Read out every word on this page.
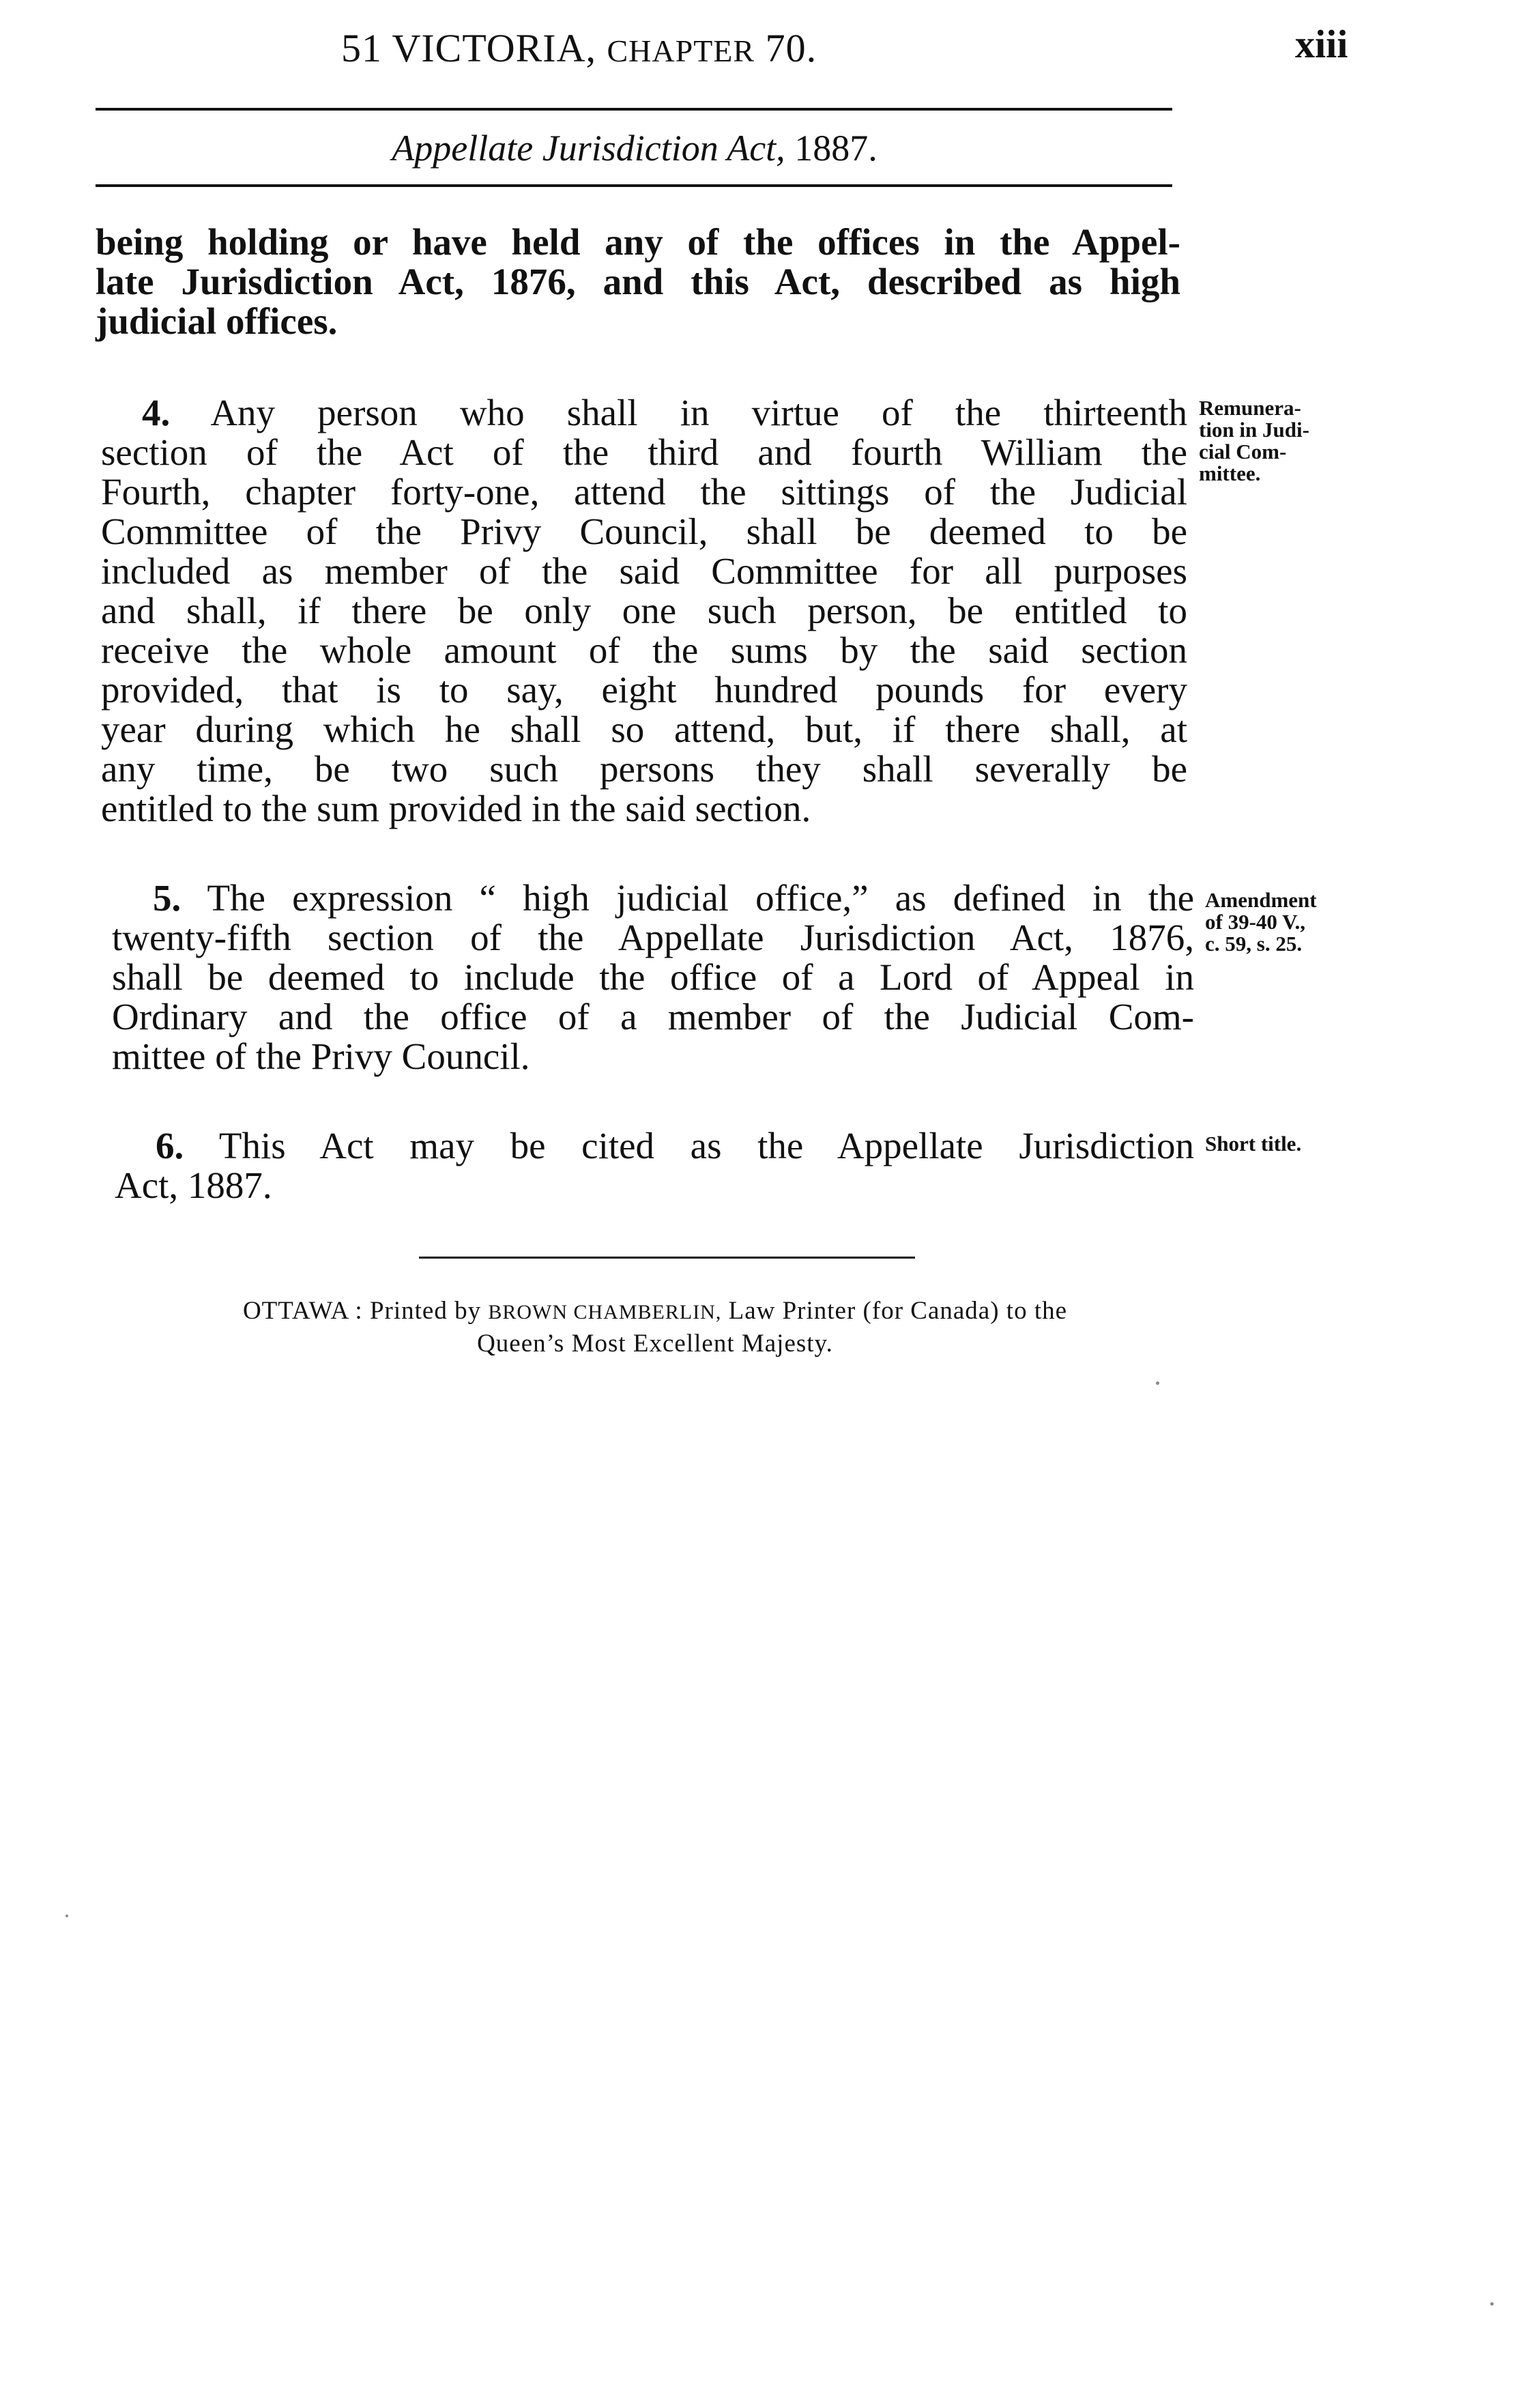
51 VICTORIA, CHAPTER 70.	xiii
Appellate Jurisdiction Act, 1887.
being holding or have held any of the offices in the Appel-
late Jurisdiction Act, 1876, and this Act, described as high
judicial offices.
4. Any person who shall in virtue of the thirteenth
section of the Act of the third and fourth William the
Fourth, chapter forty-one, attend the sittings of the Judicial
Committee of the Privy Council, shall be deemed to be
included as member of the said Committee for all purposes
and shall, if there be only one such person, be entitled to
receive the whole amount of the sums by the said section
provided, that is to say, eight hundred pounds for every
year during which he shall so attend, but, if there shall, at
any time, be two such persons they shall severally be
entitled to the sum provided in the said section.
Remunera-
tion in Judi-
cial Com-
mittee.
5. The expression “ high judicial office,” as defined in the
twenty-fifth section of the Appellate Jurisdiction Act, 1876,
shall be deemed to include the office of a Lord of Appeal in
Ordinary and the office of a member of the Judicial Com-
mittee of the Privy Council.
Amendment
of 39-40 V.,
c. 59, s. 25.
6. This Act may be cited as the Appellate Jurisdiction
Act, 1887.
Short title.
OTTAWA : Printed by BROWN CHAMBERLIN, Law Printer (for Canada) to the
Queen’s Most Excellent Majesty.
